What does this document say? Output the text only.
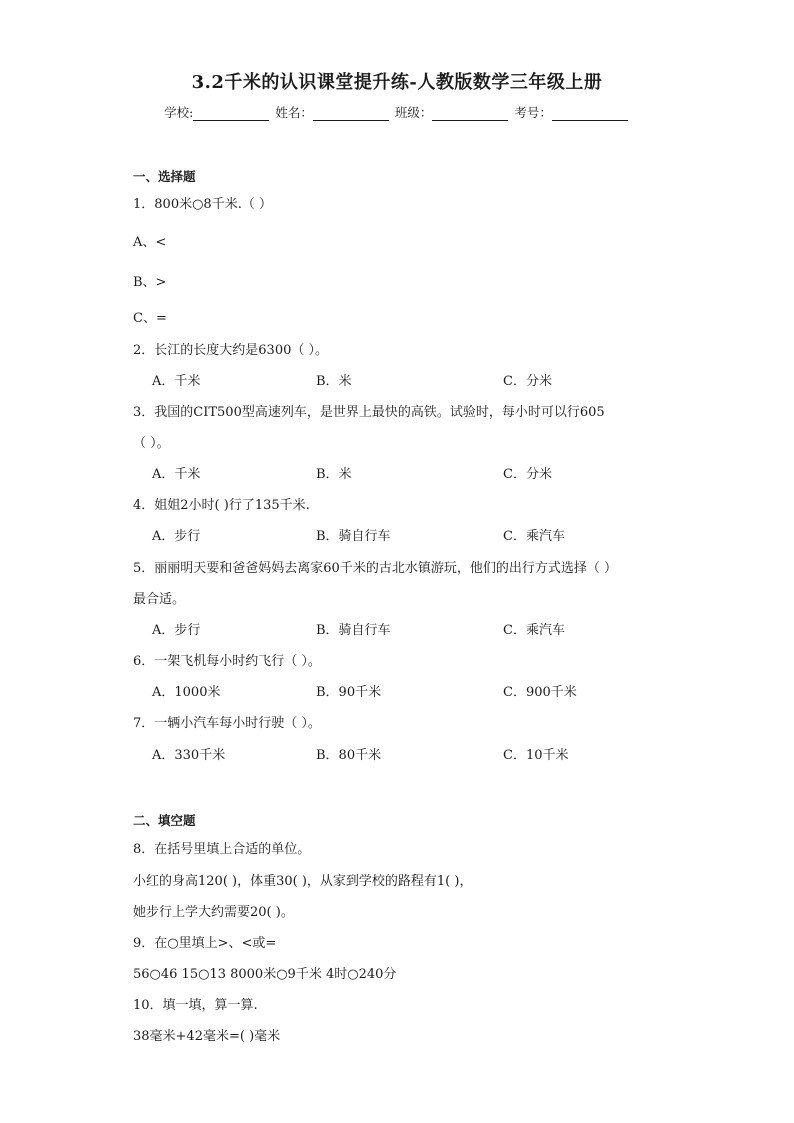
3.2千米的认识课堂提升练-人教版数学三年级上册
学校:	姓名：	班级：	考号：
一、选择题
1．800米○8千米.（ ）
A、<
B、>
C、=
2．长江的长度大约是6300（ ）。
A．千米	B．米	C．分米
3．我国的CIT500型高速列车，是世界上最快的高铁。试验时，每小时可以行605
（ ）。
A．千米	B．米	C．分米
4．姐姐2小时( )行了135千米.
A．步行	B．骑自行车	C．乘汽车
5．丽丽明天要和爸爸妈妈去离家60千米的古北水镇游玩，他们的出行方式选择（ ）
最合适。
A．步行	B．骑自行车	C．乘汽车
6．一架飞机每小时约飞行（ ）。
A．1000米	B．90千米	C．900千米
7．一辆小汽车每小时行驶（ ）。
A．330千米	B．80千米	C．10千米
二、填空题
8．在括号里填上合适的单位。
小红的身高120( )，体重30( )，从家到学校的路程有1( )，
她步行上学大约需要20( )。
9．在○里填上>、<或=
56○46 15○13 8000米○9千米 4时○240分
10．填一填，算一算.
38毫米+42毫米=( )毫米
